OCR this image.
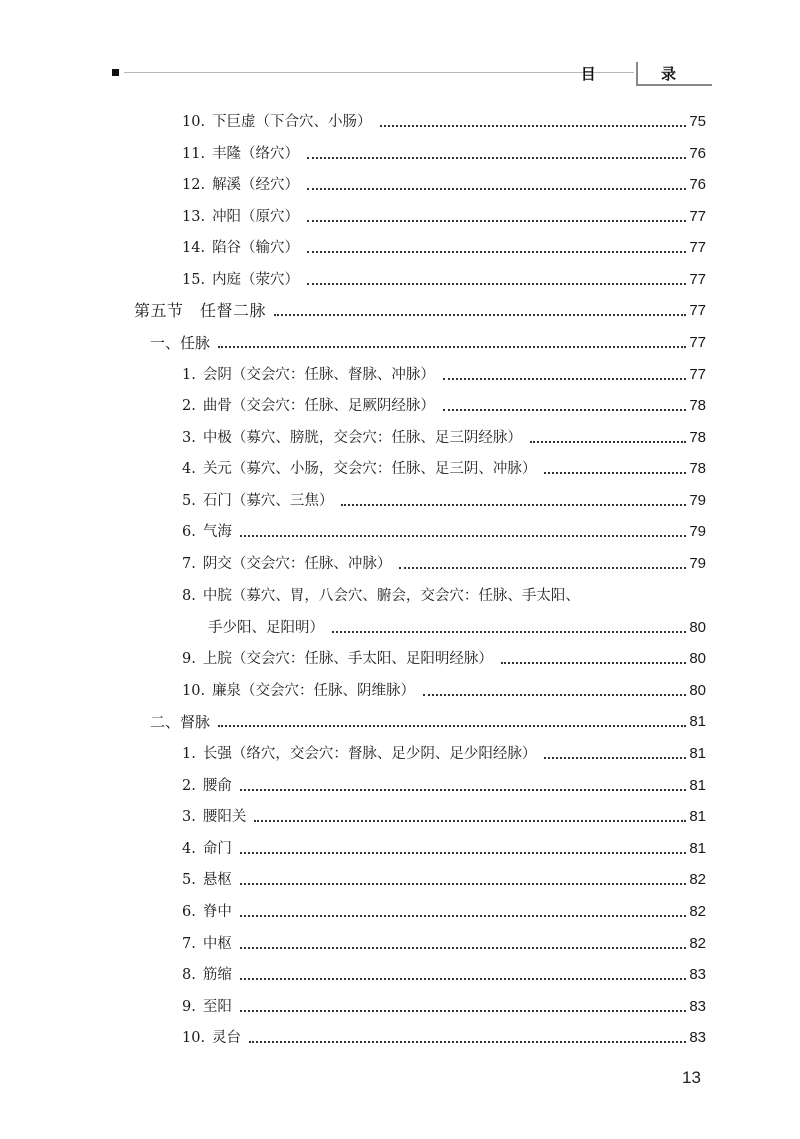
目 录
10. 下巨虚（下合穴、小肠）	75
11. 丰隆（络穴）	76
12. 解溪（经穴）	76
13. 冲阳（原穴）	77
14. 陷谷（输穴）	77
15. 内庭（荥穴）	77
第五节　任督二脉	77
一、任脉	77
1. 会阴（交会穴：任脉、督脉、冲脉）	77
2. 曲骨（交会穴：任脉、足厥阴经脉）	78
3. 中极（募穴、膀胱，交会穴：任脉、足三阴经脉）	78
4. 关元（募穴、小肠，交会穴：任脉、足三阴、冲脉）	78
5. 石门（募穴、三焦）	79
6. 气海	79
7. 阴交（交会穴：任脉、冲脉）	79
8. 中脘（募穴、胃，八会穴、腑会，交会穴：任脉、手太阳、
手少阳、足阳明）	80
9. 上脘（交会穴：任脉、手太阳、足阳明经脉）	80
10. 廉泉（交会穴：任脉、阴维脉）	80
二、督脉	81
1. 长强（络穴，交会穴：督脉、足少阴、足少阳经脉）	81
2. 腰俞	81
3. 腰阳关	81
4. 命门	81
5. 悬枢	82
6. 脊中	82
7. 中枢	82
8. 筋缩	83
9. 至阳	83
10. 灵台	83
13
